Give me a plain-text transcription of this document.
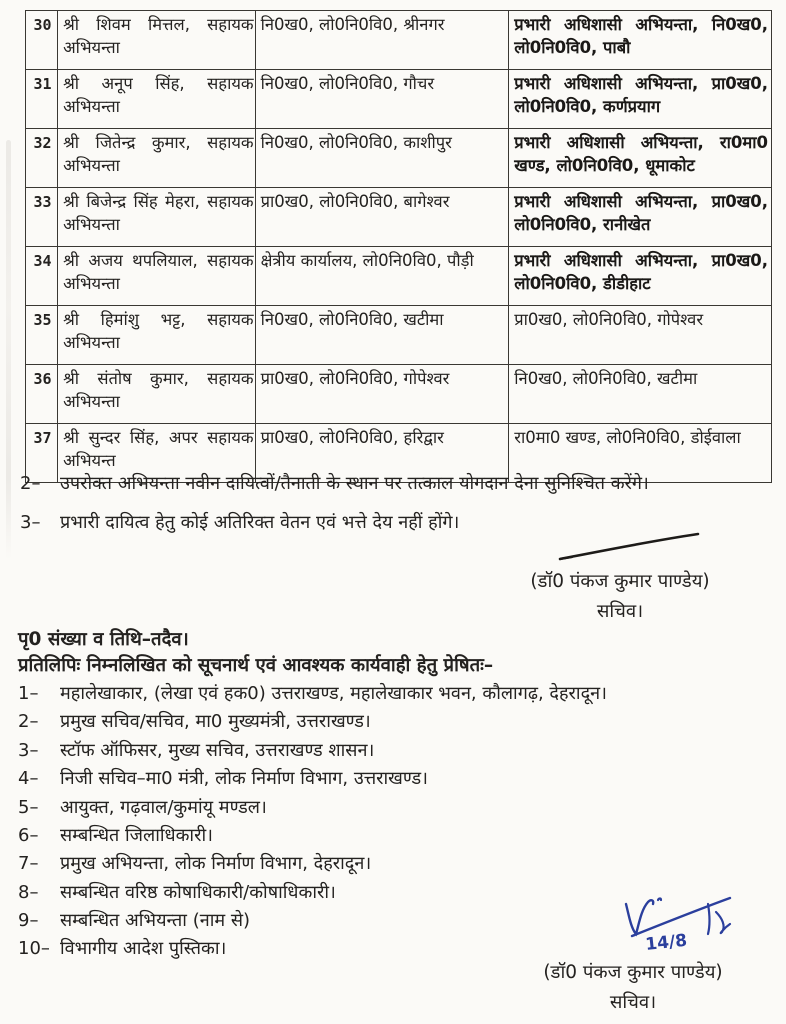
30	श्री शिवम मित्तल, सहायक अभियन्ता	नि0ख0, लो0नि0वि0, श्रीनगर	प्रभारी अधिशासी अभियन्ता, नि0ख0, लो0नि0वि0, पाबौ
31	श्री अनूप सिंह, सहायक अभियन्ता	नि0ख0, लो0नि0वि0, गौचर	प्रभारी अधिशासी अभियन्ता, प्रा0ख0, लो0नि0वि0, कर्णप्रयाग
32	श्री जितेन्द्र कुमार, सहायक अभियन्ता	नि0ख0, लो0नि0वि0, काशीपुर	प्रभारी अधिशासी अभियन्ता, रा0मा0 खण्ड, लो0नि0वि0, धूमाकोट
33	श्री बिजेन्द्र सिंह मेहरा, सहायक अभियन्ता	प्रा0ख0, लो0नि0वि0, बागेश्वर	प्रभारी अधिशासी अभियन्ता, प्रा0ख0, लो0नि0वि0, रानीखेत
34	श्री अजय थपलियाल, सहायक अभियन्ता	क्षेत्रीय कार्यालय, लो0नि0वि0, पौड़ी	प्रभारी अधिशासी अभियन्ता, प्रा0ख0, लो0नि0वि0, डीडीहाट
35	श्री हिमांशु भट्ट, सहायक अभियन्ता	नि0ख0, लो0नि0वि0, खटीमा	प्रा0ख0, लो0नि0वि0, गोपेश्वर
36	श्री संतोष कुमार, सहायक अभियन्ता	प्रा0ख0, लो0नि0वि0, गोपेश्वर	नि0ख0, लो0नि0वि0, खटीमा
37	श्री सुन्दर सिंह, अपर सहायक अभियन्त	प्रा0ख0, लो0नि0वि0, हरिद्वार	रा0मा0 खण्ड, लो0नि0वि0, डोईवाला
2–	उपरोक्त अभियन्ता नवीन दायित्वों/तैनाती के स्थान पर तत्काल योगदान देना सुनिश्चित करेंगे।
3–	प्रभारी दायित्व हेतु कोई अतिरिक्त वेतन एवं भत्ते देय नहीं होंगे।
(डॉ0 पंकज कुमार पाण्डेय)
सचिव।
पृ0 संख्या व तिथि–तदैव।
प्रतिलिपिः निम्नलिखित को सूचनार्थ एवं आवश्यक कार्यवाही हेतु प्रेषितः–
1–	महालेखाकार, (लेखा एवं हक0) उत्तराखण्ड, महालेखाकार भवन, कौलागढ़, देहरादून।
2–	प्रमुख सचिव/सचिव, मा0 मुख्यमंत्री, उत्तराखण्ड।
3–	स्टॉफ ऑफिसर, मुख्य सचिव, उत्तराखण्ड शासन।
4–	निजी सचिव–मा0 मंत्री, लोक निर्माण विभाग, उत्तराखण्ड।
5–	आयुक्त, गढ़वाल/कुमांयू मण्डल।
6–	सम्बन्धित जिलाधिकारी।
7–	प्रमुख अभियन्ता, लोक निर्माण विभाग, देहरादून।
8–	सम्बन्धित वरिष्ठ कोषाधिकारी/कोषाधिकारी।
9–	सम्बन्धित अभियन्ता (नाम से)
10– विभागीय आदेश पुस्तिका।	14/8
(डॉ0 पंकज कुमार पाण्डेय)
सचिव।
